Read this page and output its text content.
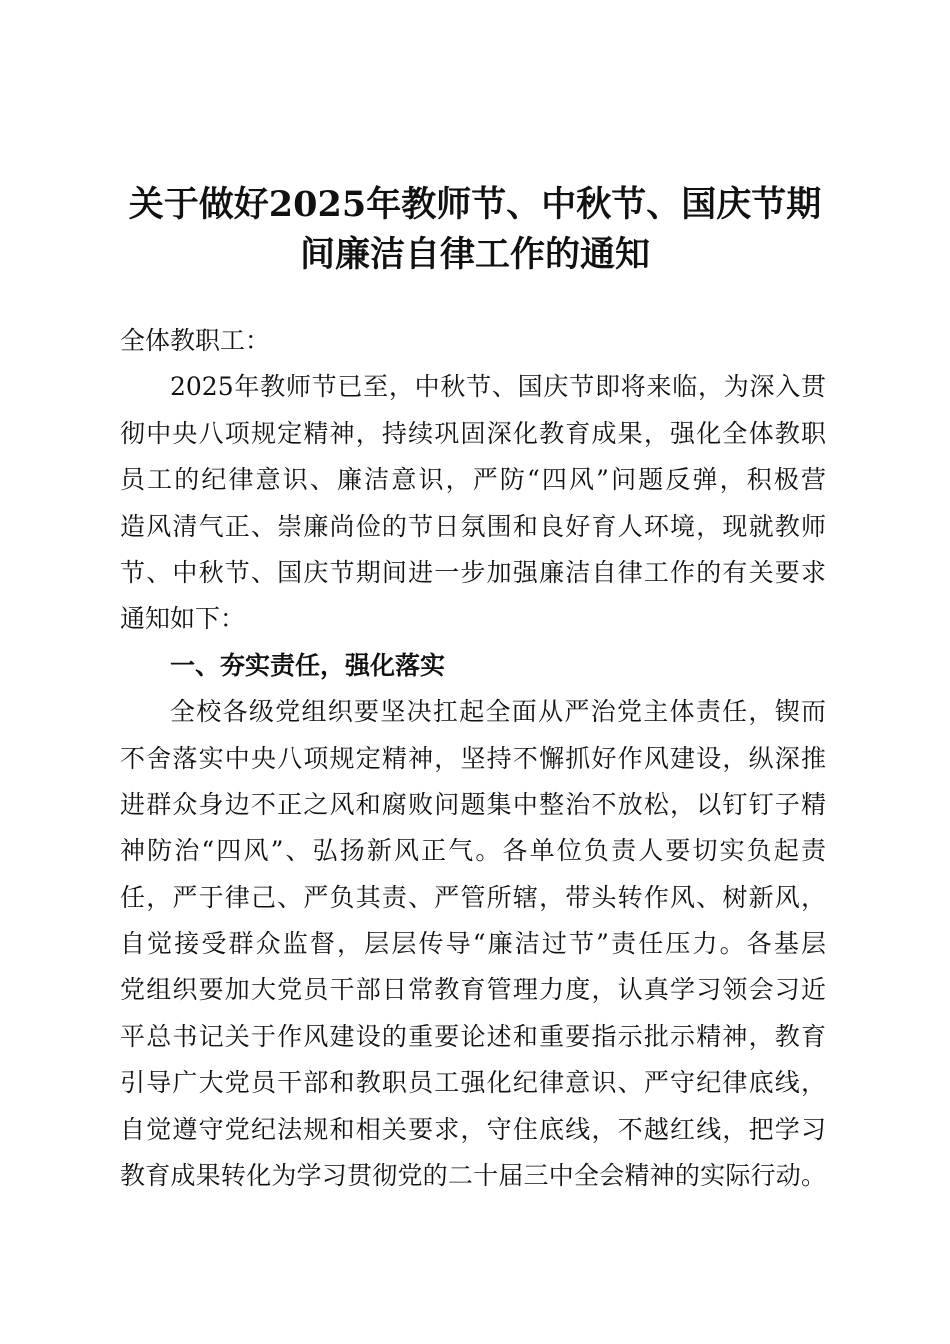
关于做好2025年教师节、中秋节、国庆节期
间廉洁自律工作的通知
全体教职工：
2025年教师节已至，中秋节、国庆节即将来临，为深入贯
彻中央八项规定精神，持续巩固深化教育成果，强化全体教职
员工的纪律意识、廉洁意识，严防“四风”问题反弹，积极营
造风清气正、崇廉尚俭的节日氛围和良好育人环境，现就教师
节、中秋节、国庆节期间进一步加强廉洁自律工作的有关要求
通知如下：
一、夯实责任，强化落实
全校各级党组织要坚决扛起全面从严治党主体责任，锲而
不舍落实中央八项规定精神，坚持不懈抓好作风建设，纵深推
进群众身边不正之风和腐败问题集中整治不放松，以钉钉子精
神防治“四风”、弘扬新风正气。各单位负责人要切实负起责
任，严于律己、严负其责、严管所辖，带头转作风、树新风，
自觉接受群众监督，层层传导“廉洁过节”责任压力。各基层
党组织要加大党员干部日常教育管理力度，认真学习领会习近
平总书记关于作风建设的重要论述和重要指示批示精神，教育
引导广大党员干部和教职员工强化纪律意识、严守纪律底线，
自觉遵守党纪法规和相关要求，守住底线，不越红线，把学习
教育成果转化为学习贯彻党的二十届三中全会精神的实际行动。
